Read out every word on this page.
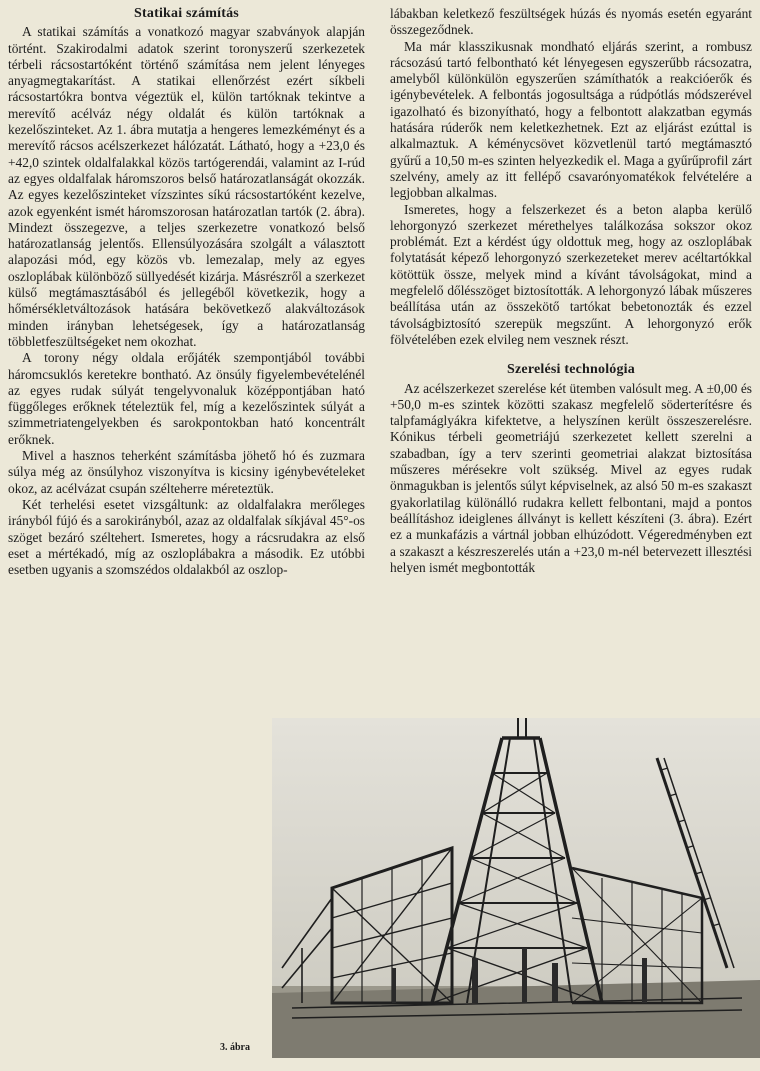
Statikai számítás

A statikai számítás a vonatkozó magyar szabványok alapján történt. Szakirodalmi adatok szerint toronyszerű szerkezetek térbeli rácsostartóként történő számítása nem jelent lényeges anyagmegtakarítást. A statikai ellenőrzést ezért síkbeli rácsostartókra bontva végeztük el, külön tartóknak tekintve a merevítő acélváz négy oldalát és külön tartóknak a kezelőszinteket. Az 1. ábra mutatja a hengeres lemezkéményt és a merevítő rácsos acélszerkezet hálózatát. Látható, hogy a +23,0 és +42,0 szintek oldalfalakkal közös tartógerendái, valamint az I-rúd az egyes oldalfalak háromszoros belső határozatlanságát okozzák. Az egyes kezelőszinteket vízszintes síkú rácsostartóként kezelve, azok egyenként ismét háromszorosan határozatlan tartók (2. ábra). Mindezt összegezve, a teljes szerkezetre vonatkozó belső határozatlanság jelentős. Ellensúlyozására szolgált a választott alapozási mód, egy közös vb. lemezalap, mely az egyes oszloplábak különböző süllyedését kizárja. Másrészről a szerkezet külső megtámasztásából és jellegéből következik, hogy a hőmérsékletváltozások hatására bekövetkező alakváltozások minden irányban lehetségesek, így a határozatlanság többletfeszültségeket nem okozhat.

A torony négy oldala erőjáték szempontjából további háromcsuklós keretekre bontható. Az önsúly figyelembevételénél az egyes rudak súlyát tengelyvonaluk középpontjában ható függőleges erőknek tételeztük fel, míg a kezelőszintek súlyát a szimmetriatengelyekben és sarokpontokban ható koncentrált erőknek.

Mivel a hasznos teherként számításba jöhető hó és zuzmara súlya még az önsúlyhoz viszonyítva is kicsiny igénybevételeket okoz, az acélvázat csupán szélteherre méreteztük.

Két terhelési esetet vizsgáltunk: az oldalfalakra merőleges irányból fújó és a sarokirányból, azaz az oldalfalak síkjával 45°-os szöget bezáró széltehert. Ismeretes, hogy a rácsrudakra az első eset a mértékadó, míg az oszloplábakra a második. Ez utóbbi esetben ugyanis a szomszédos oldalakból az oszlop-

lábakban keletkező feszültségek húzás és nyomás esetén egyaránt összegeződnek.

Ma már klasszikusnak mondható eljárás szerint, a rombusz rácsozású tartó felbontható két lényegesen egyszerűbb rácsozatra, amelyből különkülön egyszerűen számíthatók a reakcióerők és igénybevételek. A felbontás jogosultsága a rúdpótlás módszerével igazolható és bizonyítható, hogy a felbontott alakzatban egymás hatására rúderők nem keletkezhetnek. Ezt az eljárást ezúttal is alkalmaztuk. A kéménycsövet közvetlenül tartó megtámasztó gyűrű a 10,50 m-es szinten helyezkedik el. Maga a gyűrűprofil zárt szelvény, amely az itt fellépő csavarónyomatékok felvételére a legjobban alkalmas.

Ismeretes, hogy a felszerkezet és a beton alapba kerülő lehorgonyzó szerkezet mérethelyes találkozása sokszor okoz problémát. Ezt a kérdést úgy oldottuk meg, hogy az oszloplábak folytatását képező lehorgonyzó szerkezeteket merev acéltartókkal kötöttük össze, melyek mind a kívánt távolságokat, mind a megfelelő dőlésszöget biztosították. A lehorgonyzó lábak műszeres beállítása után az összekötő tartókat bebetonozták és ezzel távolságbiztosító szerepük megszűnt. A lehorgonyzó erők fölvételében ezek elvileg nem vesznek részt.

Szerelési technológia

Az acélszerkezet szerelése két ütemben valósult meg. A ±0,00 és +50,0 m-es szintek közötti szakasz megfelelő söderterítésre és talpfamáglyákra kifektetve, a helyszínen került összeszerelésre. Kónikus térbeli geometriájú szerkezetet kellett szerelni a szabadban, így a terv szerinti geometriai alakzat biztosítása műszeres mérésekre volt szükség. Mivel az egyes rudak önmagukban is jelentős súlyt képviselnek, az alsó 50 m-es szakaszt gyakorlatilag különálló rudakra kellett felbontani, majd a pontos beállításhoz ideiglenes állványt is kellett készíteni (3. ábra). Ezért ez a munkafázis a vártnál jobban elhúzódott. Végeredményben ezt a szakaszt a készreszerelés után a +23,0 m-nél betervezett illesztési helyen ismét megbontották

3. ábra
